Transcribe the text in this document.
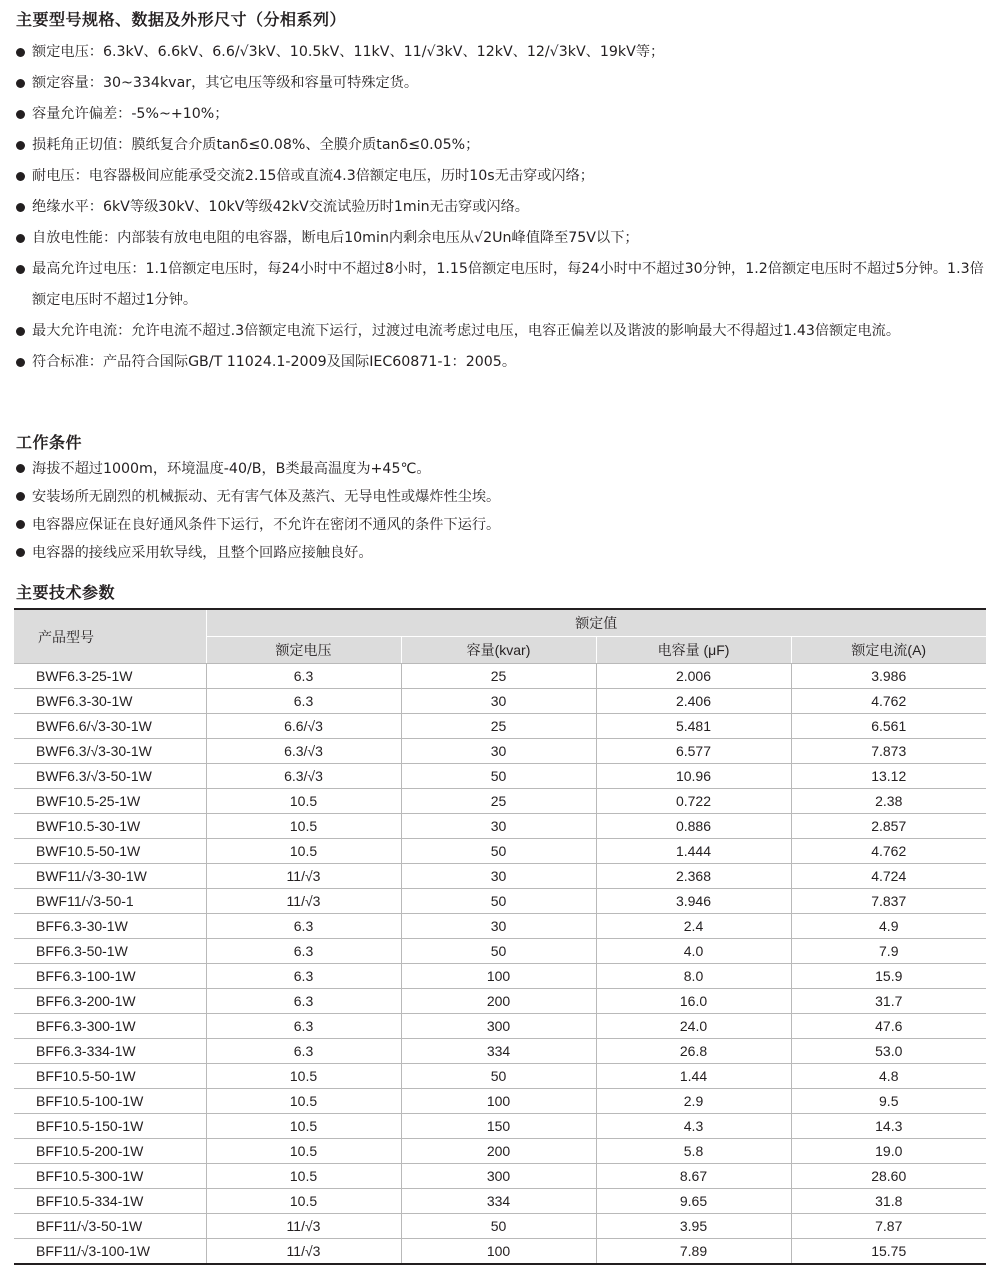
主要型号规格、数据及外形尺寸（分相系列）
额定电压：6.3kV、6.6kV、6.6/√3kV、10.5kV、11kV、11/√3kV、12kV、12/√3kV、19kV等；
额定容量：30~334kvar，其它电压等级和容量可特殊定货。
容量允许偏差：-5%~+10%；
损耗角正切值：膜纸复合介质tanδ≤0.08%、全膜介质tanδ≤0.05%；
耐电压：电容器极间应能承受交流2.15倍或直流4.3倍额定电压，历时10s无击穿或闪络；
绝缘水平：6kV等级30kV、10kV等级42kV交流试验历时1min无击穿或闪络。
自放电性能：内部装有放电电阻的电容器，断电后10min内剩余电压从√2Un峰值降至75V以下；
最高允许过电压：1.1倍额定电压时，每24小时中不超过8小时，1.15倍额定电压时，每24小时中不超过30分钟，1.2倍额定电压时不超过5分钟。1.3倍额定电压时不超过1分钟。
最大允许电流：允许电流不超过.3倍额定电流下运行，过渡过电流考虑过电压，电容正偏差以及谐波的影响最大不得超过1.43倍额定电流。
符合标准：产品符合国际GB/T 11024.1-2009及国际IEC60871-1：2005。
工作条件
海拔不超过1000m，环境温度-40/B，B类最高温度为+45℃。
安装场所无剧烈的机械振动、无有害气体及蒸汽、无导电性或爆炸性尘埃。
电容器应保证在良好通风条件下运行，不允许在密闭不通风的条件下运行。
电容器的接线应采用软导线，且整个回路应接触良好。
主要技术参数
产品型号	额定值			
	额定电压	容量(kvar)	电容量 (μF)	额定电流(A)
BWF6.3-25-1W	6.3	25	2.006	3.986
BWF6.3-30-1W	6.3	30	2.406	4.762
BWF6.6/√3-30-1W	6.6/√3	25	5.481	6.561
BWF6.3/√3-30-1W	6.3/√3	30	6.577	7.873
BWF6.3/√3-50-1W	6.3/√3	50	10.96	13.12
BWF10.5-25-1W	10.5	25	0.722	2.38
BWF10.5-30-1W	10.5	30	0.886	2.857
BWF10.5-50-1W	10.5	50	1.444	4.762
BWF11/√3-30-1W	11/√3	30	2.368	4.724
BWF11/√3-50-1	11/√3	50	3.946	7.837
BFF6.3-30-1W	6.3	30	2.4	4.9
BFF6.3-50-1W	6.3	50	4.0	7.9
BFF6.3-100-1W	6.3	100	8.0	15.9
BFF6.3-200-1W	6.3	200	16.0	31.7
BFF6.3-300-1W	6.3	300	24.0	47.6
BFF6.3-334-1W	6.3	334	26.8	53.0
BFF10.5-50-1W	10.5	50	1.44	4.8
BFF10.5-100-1W	10.5	100	2.9	9.5
BFF10.5-150-1W	10.5	150	4.3	14.3
BFF10.5-200-1W	10.5	200	5.8	19.0
BFF10.5-300-1W	10.5	300	8.67	28.60
BFF10.5-334-1W	10.5	334	9.65	31.8
BFF11/√3-50-1W	11/√3	50	3.95	7.87
BFF11/√3-100-1W	11/√3	100	7.89	15.75
